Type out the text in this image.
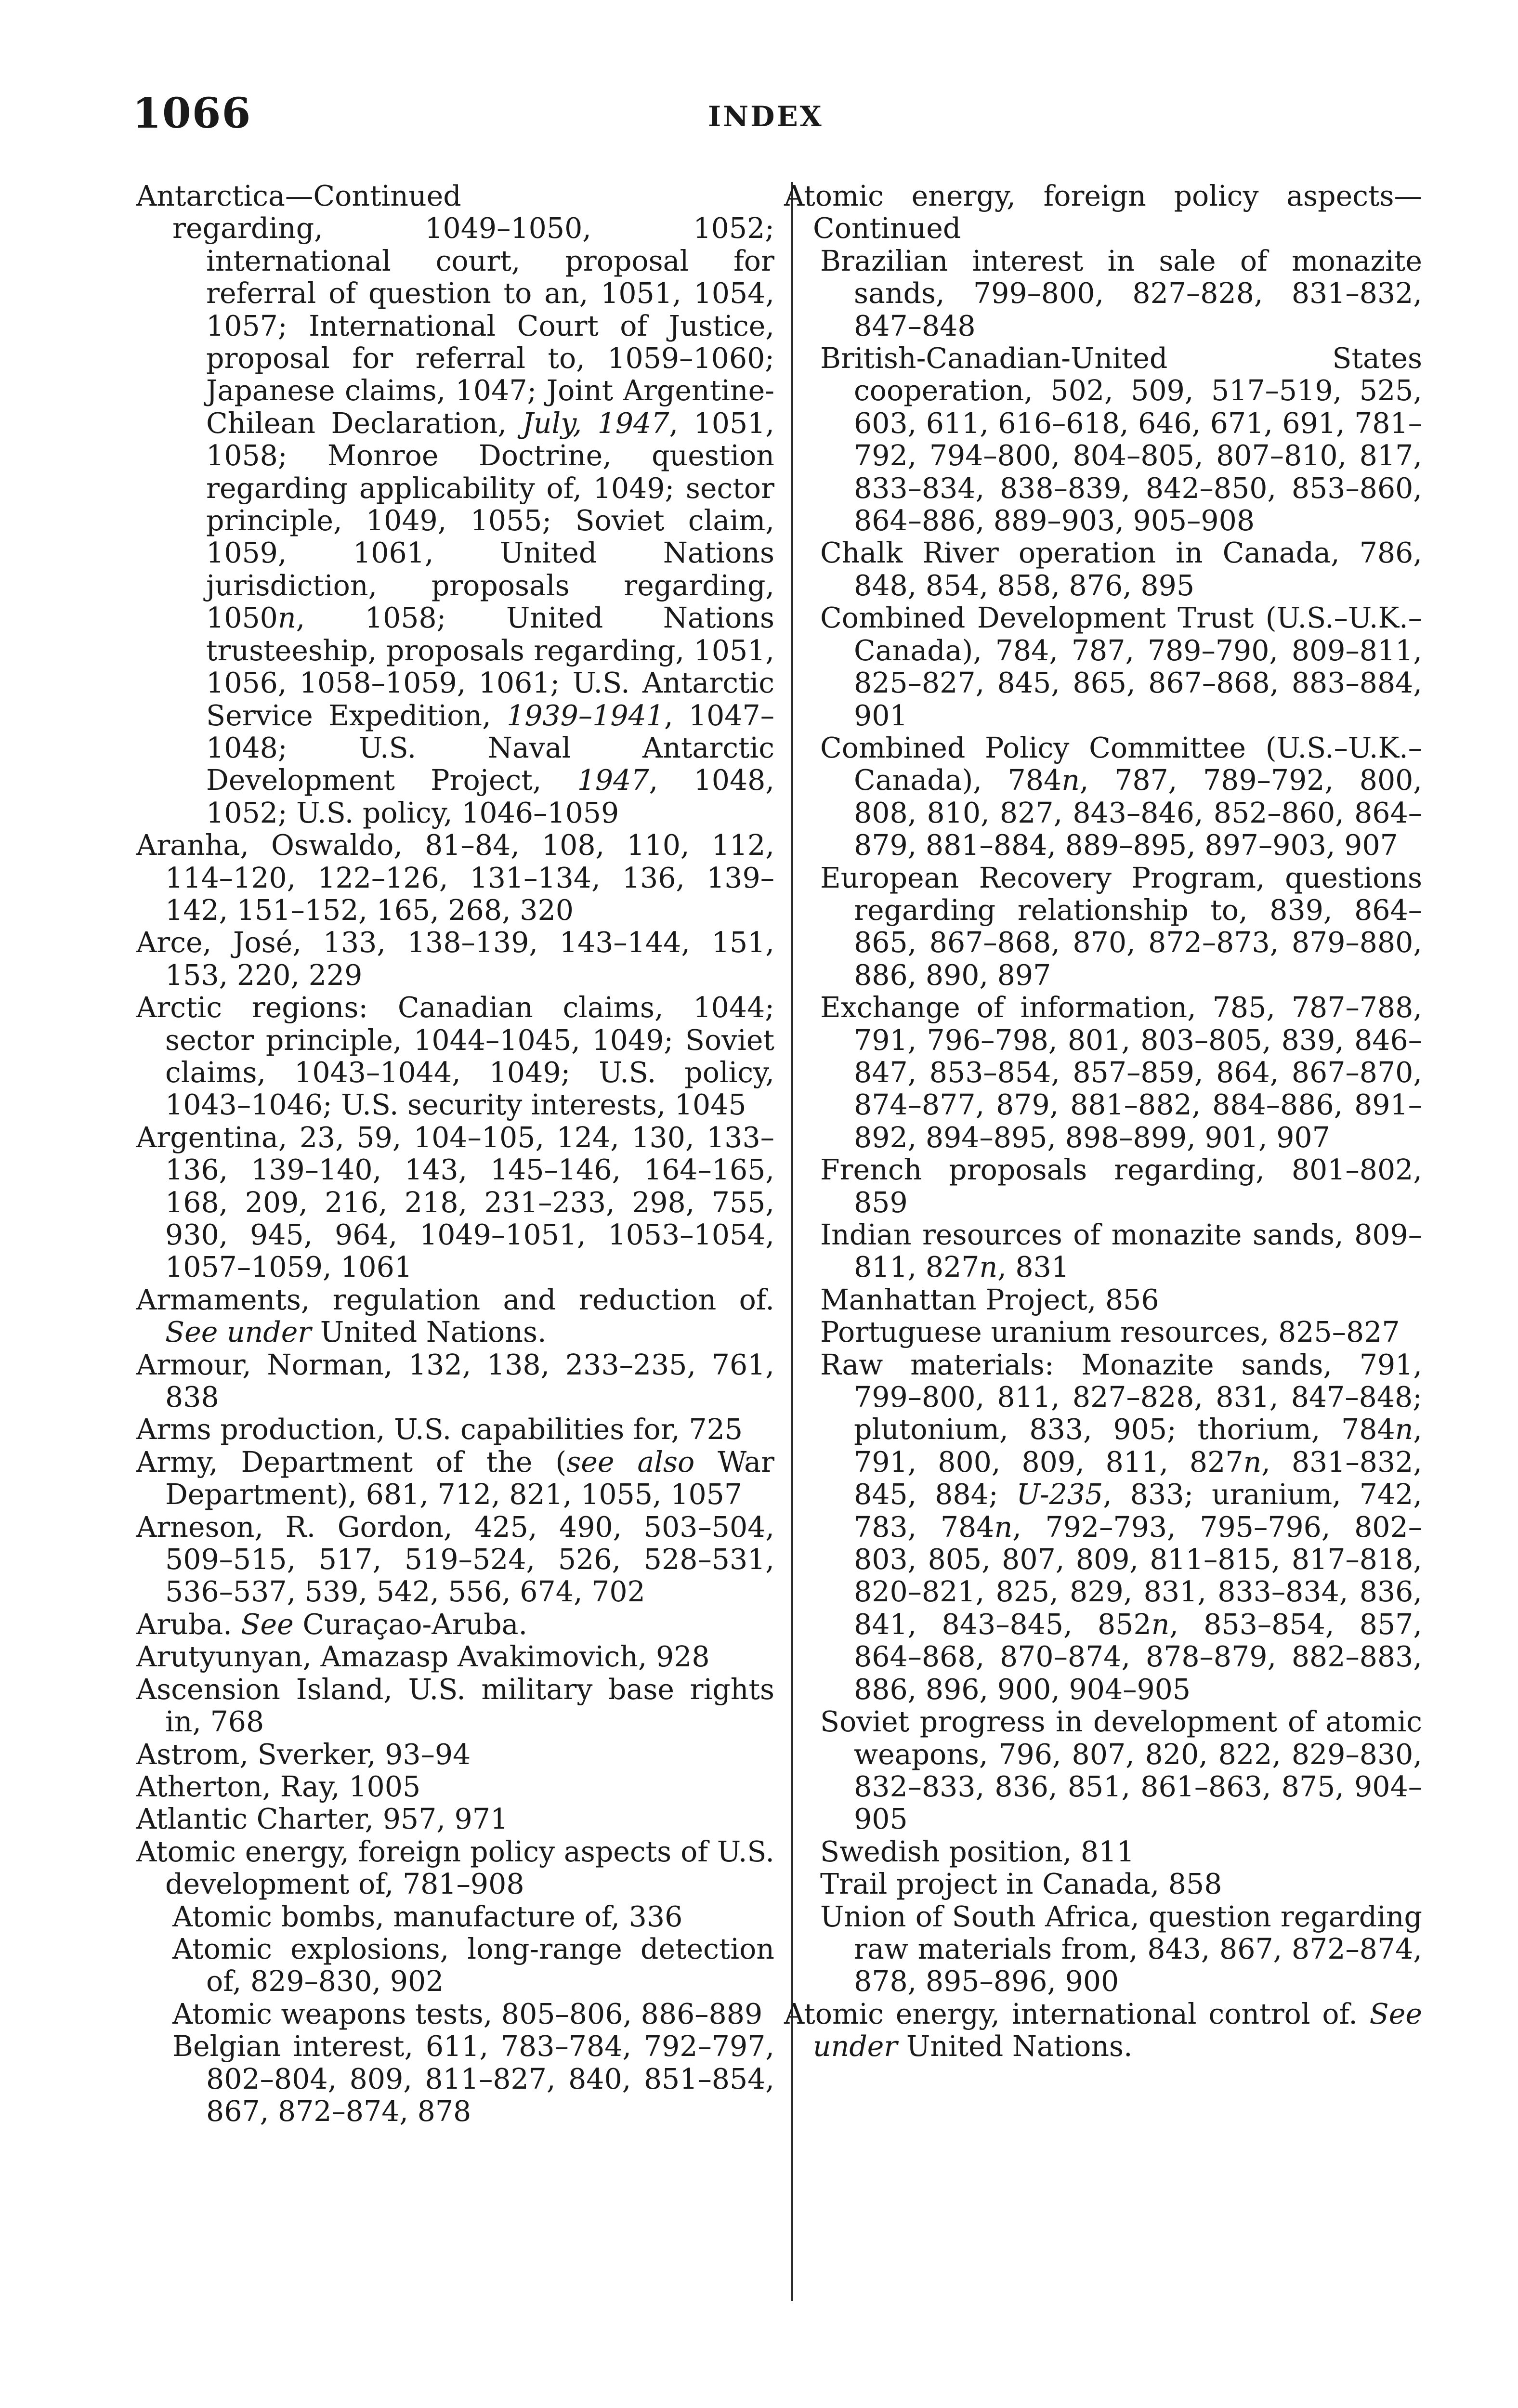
1066	INDEX
Antarctica—Continued
regarding, 1049–1050, 1052; international court, proposal for referral of question to an, 1051, 1054, 1057; International Court of Justice, proposal for referral to, 1059–1060; Japanese claims, 1047; Joint Argentine-Chilean Declaration, July, 1947, 1051, 1058; Monroe Doctrine, question regarding applicability of, 1049; sector principle, 1049, 1055; Soviet claim, 1059, 1061, United Nations jurisdiction, proposals regarding, 1050n, 1058; United Nations trusteeship, proposals regarding, 1051, 1056, 1058–1059, 1061; U.S. Antarctic Service Expedition, 1939–1941, 1047–1048; U.S. Naval Antarctic Development Project, 1947, 1048, 1052; U.S. policy, 1046–1059
Aranha, Oswaldo, 81–84, 108, 110, 112, 114–120, 122–126, 131–134, 136, 139–142, 151–152, 165, 268, 320
Arce, José, 133, 138–139, 143–144, 151, 153, 220, 229
Arctic regions: Canadian claims, 1044; sector principle, 1044–1045, 1049; Soviet claims, 1043–1044, 1049; U.S. policy, 1043–1046; U.S. security interests, 1045
Argentina, 23, 59, 104–105, 124, 130, 133–136, 139–140, 143, 145–146, 164–165, 168, 209, 216, 218, 231–233, 298, 755, 930, 945, 964, 1049–1051, 1053–1054, 1057–1059, 1061
Armaments, regulation and reduction of. See under United Nations.
Armour, Norman, 132, 138, 233–235, 761, 838
Arms production, U.S. capabilities for, 725
Army, Department of the (see also War Department), 681, 712, 821, 1055, 1057
Arneson, R. Gordon, 425, 490, 503–504, 509–515, 517, 519–524, 526, 528–531, 536–537, 539, 542, 556, 674, 702
Aruba. See Curaçao-Aruba.
Arutyunyan, Amazasp Avakimovich, 928
Ascension Island, U.S. military base rights in, 768
Astrom, Sverker, 93–94
Atherton, Ray, 1005
Atlantic Charter, 957, 971
Atomic energy, foreign policy aspects of U.S. development of, 781–908
Atomic bombs, manufacture of, 336
Atomic explosions, long-range detection of, 829–830, 902
Atomic weapons tests, 805–806, 886–889
Belgian interest, 611, 783–784, 792–797, 802–804, 809, 811–827, 840, 851–854, 867, 872–874, 878
Atomic energy, foreign policy aspects—Continued
Brazilian interest in sale of monazite sands, 799–800, 827–828, 831–832, 847–848
British-Canadian-United States cooperation, 502, 509, 517–519, 525, 603, 611, 616–618, 646, 671, 691, 781–792, 794–800, 804–805, 807–810, 817, 833–834, 838–839, 842–850, 853–860, 864–886, 889–903, 905–908
Chalk River operation in Canada, 786, 848, 854, 858, 876, 895
Combined Development Trust (U.S.–U.K.–Canada), 784, 787, 789–790, 809–811, 825–827, 845, 865, 867–868, 883–884, 901
Combined Policy Committee (U.S.–U.K.–Canada), 784n, 787, 789–792, 800, 808, 810, 827, 843–846, 852–860, 864–879, 881–884, 889–895, 897–903, 907
European Recovery Program, questions regarding relationship to, 839, 864–865, 867–868, 870, 872–873, 879–880, 886, 890, 897
Exchange of information, 785, 787–788, 791, 796–798, 801, 803–805, 839, 846–847, 853–854, 857–859, 864, 867–870, 874–877, 879, 881–882, 884–886, 891–892, 894–895, 898–899, 901, 907
French proposals regarding, 801–802, 859
Indian resources of monazite sands, 809–811, 827n, 831
Manhattan Project, 856
Portuguese uranium resources, 825–827
Raw materials: Monazite sands, 791, 799–800, 811, 827–828, 831, 847–848; plutonium, 833, 905; thorium, 784n, 791, 800, 809, 811, 827n, 831–832, 845, 884; U-235, 833; uranium, 742, 783, 784n, 792–793, 795–796, 802–803, 805, 807, 809, 811–815, 817–818, 820–821, 825, 829, 831, 833–834, 836, 841, 843–845, 852n, 853–854, 857, 864–868, 870–874, 878–879, 882–883, 886, 896, 900, 904–905
Soviet progress in development of atomic weapons, 796, 807, 820, 822, 829–830, 832–833, 836, 851, 861–863, 875, 904–905
Swedish position, 811
Trail project in Canada, 858
Union of South Africa, question regarding raw materials from, 843, 867, 872–874, 878, 895–896, 900
Atomic energy, international control of. See under United Nations.
